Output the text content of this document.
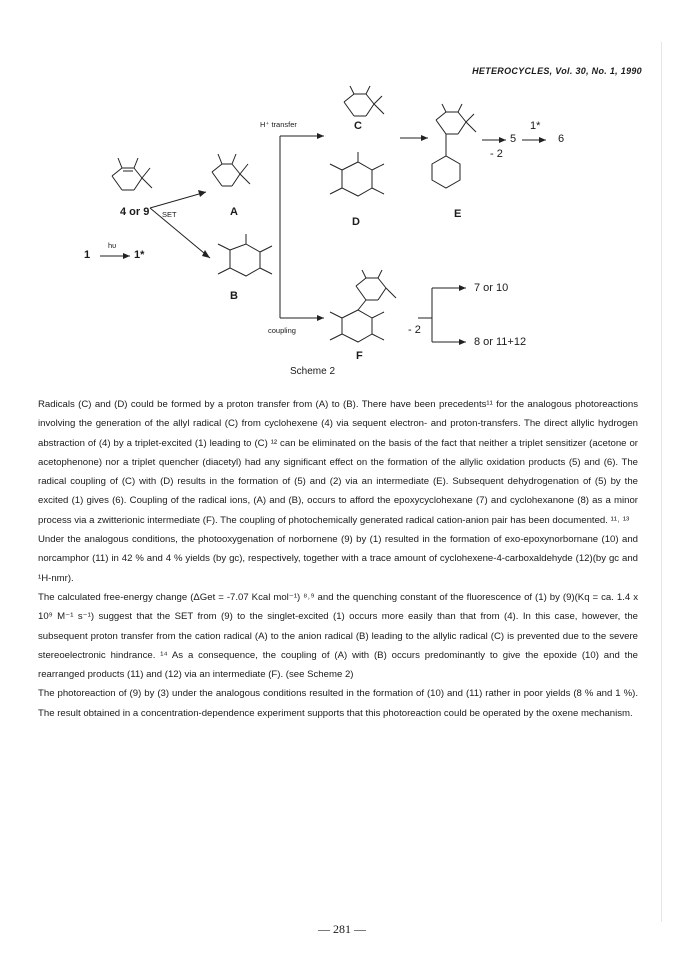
HETEROCYCLES, Vol. 30, No. 1, 1990
4 or 9 SET	A
B
1
hυ
1*
H⁺ transfer	C
D
E
5
1*
6
- 2
coupling
F
- 2
7 or 10
8 or 11+12
Scheme 2

Radicals (C) and (D) could be formed by a proton transfer from (A) to (B). There have been precedents¹¹ for the analogous photoreactions involving the generation of the allyl radical (C) from cyclohexene (4) via sequent electron- and proton-transfers. The direct allylic hydrogen abstraction of (4) by a triplet-excited (1) leading to (C) ¹² can be eliminated on the basis of the fact that neither a triplet sensitizer (acetone or acetophenone) nor a triplet quencher (diacetyl) had any significant effect on the formation of the allylic oxidation products (5) and (6). The radical coupling of (C) with (D) results in the formation of (5) and (2) via an intermediate (E). Subsequent dehydrogenation of (5) by the excited (1) gives (6). Coupling of the radical ions, (A) and (B), occurs to afford the epoxycyclohexane (7) and cyclohexanone (8) as a minor process via a zwitterionic intermediate (F). The coupling of photochemically generated radical cation-anion pair has been documented. ¹¹˒ ¹³

Under the analogous conditions, the photooxygenation of norbornene (9) by (1) resulted in the formation of exo-epoxynorbornane (10) and norcamphor (11) in 42 % and 4 % yields (by gc), respectively, together with a trace amount of cyclohexene-4-carboxaldehyde (12)(by gc and ¹H-nmr).

The calculated free-energy change (ΔGet = -7.07 Kcal mol⁻¹) ⁸˒⁹ and the quenching constant of the fluorescence of (1) by (9)(Kq = ca. 1.4 x 10⁹ M⁻¹ s⁻¹) suggest that the SET from (9) to the singlet-excited (1) occurs more easily than that from (4). In this case, however, the subsequent proton transfer from the cation radical (A) to the anion radical (B) leading to the allylic radical (C) is prevented due to the severe stereoelectronic hindrance. ¹⁴ As a consequence, the coupling of (A) with (B) occurs predominantly to give the epoxide (10) and the rearranged products (11) and (12) via an intermediate (F). (see Scheme 2)

The photoreaction of (9) by (3) under the analogous conditions resulted in the formation of (10) and (11) rather in poor yields (8 % and 1 %). The result obtained in a concentration-dependence experiment supports that this photoreaction could be operated by the oxene mechanism.

— 281 —
